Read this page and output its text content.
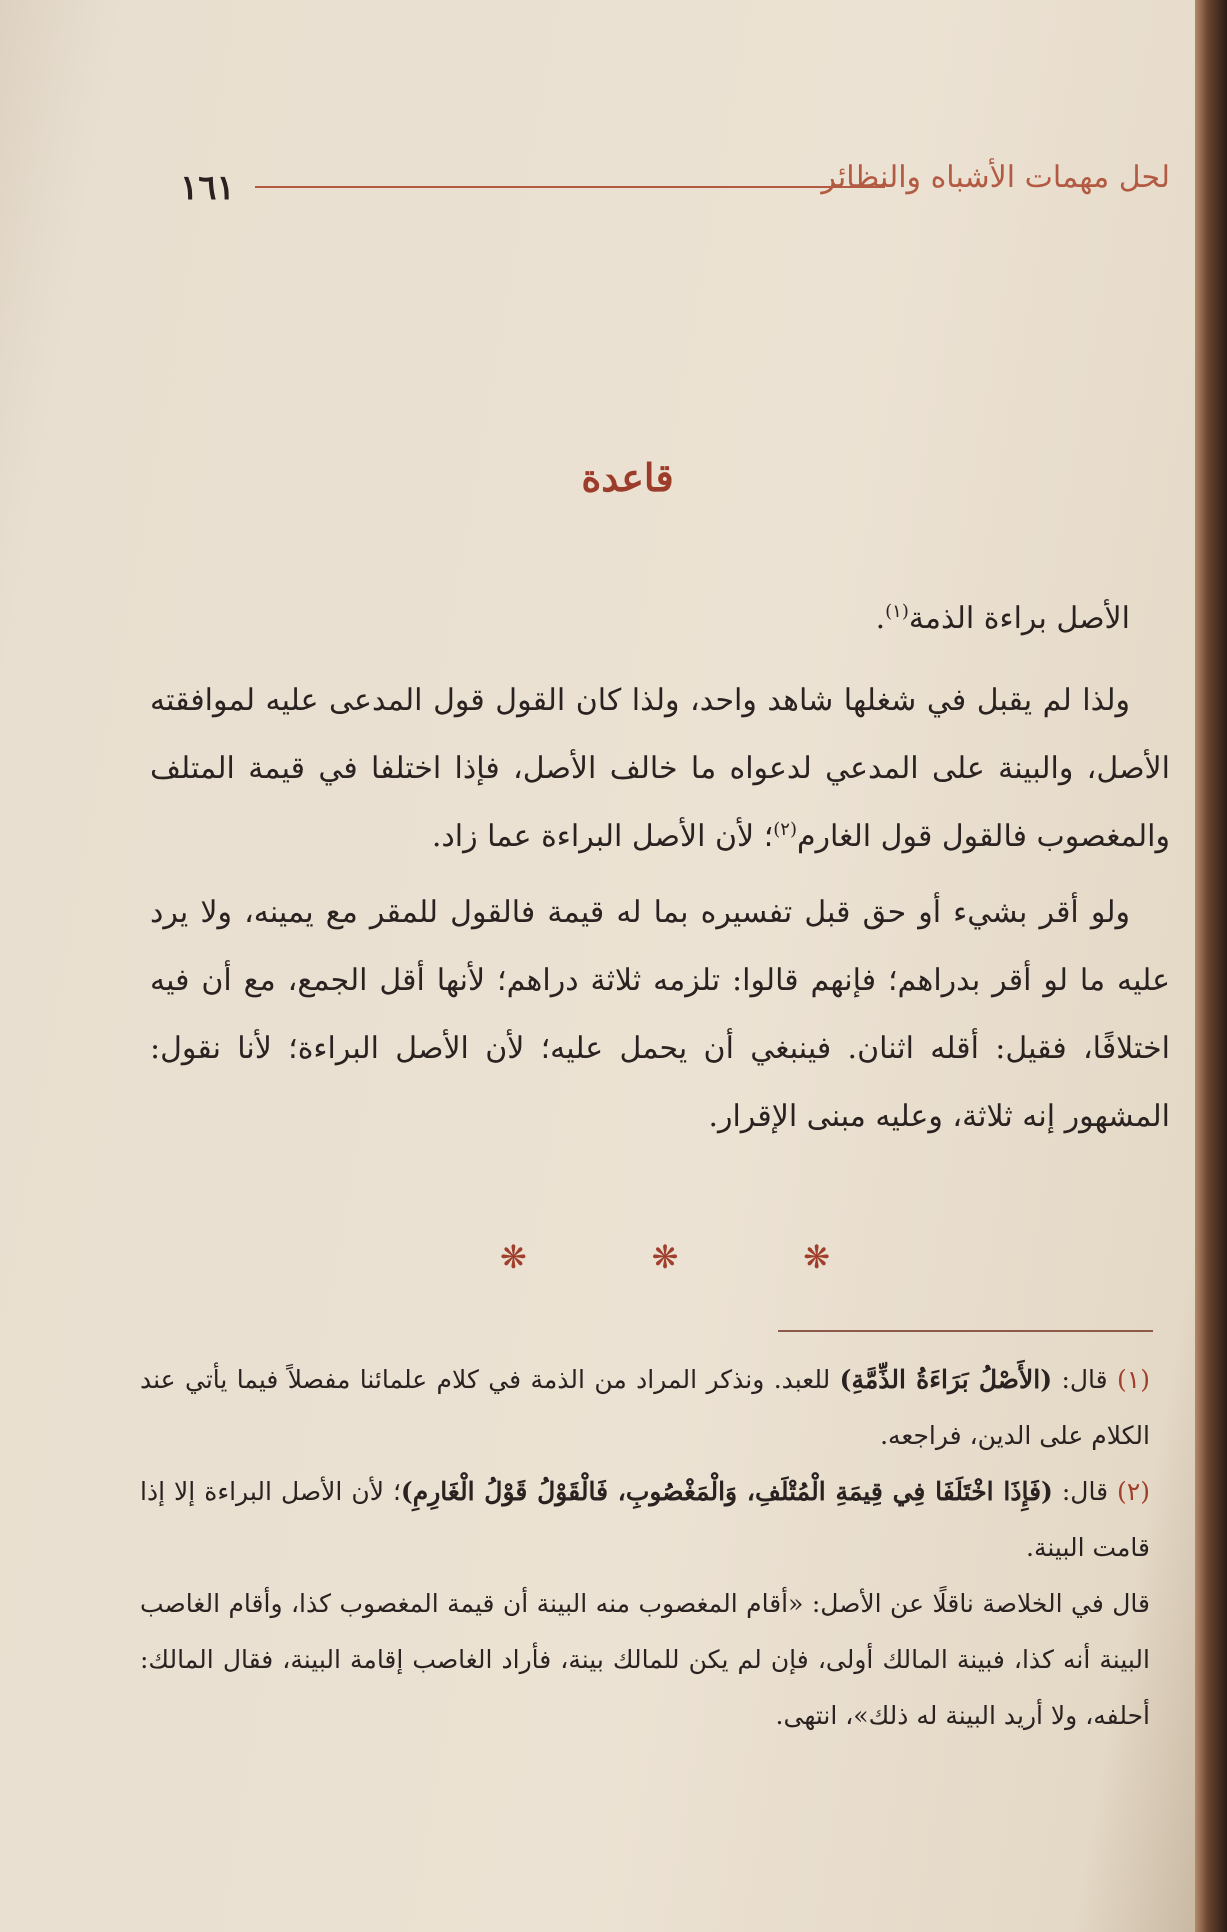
١٦١	لحل مهمات الأشباه والنظائر
قاعدة

الأصل براءة الذمة$^{(١)}$.

ولذا لم يقبل في شغلها شاهد واحد، ولذا كان القول قول المدعى عليه لموافقته الأصل، والبينة على المدعي لدعواه ما خالف الأصل، فإذا اختلفا في قيمة المتلف والمغصوب فالقول قول الغارم$^{(٢)}$؛ لأن الأصل البراءة عما زاد.

ولو أقر بشيء أو حق قبل تفسيره بما له قيمة فالقول للمقر مع يمينه، ولا يرد عليه ما لو أقر بدراهم؛ فإنهم قالوا: تلزمه ثلاثة دراهم؛ لأنها أقل الجمع، مع أن فيه اختلافًا، فقيل: أقله اثنان. فينبغي أن يحمل عليه؛ لأن الأصل البراءة؛ لأنا نقول: المشهور إنه ثلاثة، وعليه مبنى الإقرار.

❋
❋
❋

(١) قال: (الأَصْلُ بَرَاءَةُ الذِّمَّةِ) للعبد. ونذكر المراد من الذمة في كلام علمائنا مفصلاً فيما يأتي عند الكلام على الدين، فراجعه.

(٢) قال: (فَإِذَا اخْتَلَفَا فِي قِيمَةِ الْمُتْلَفِ، وَالْمَغْصُوبِ، فَالْقَوْلُ قَوْلُ الْغَارِمِ)؛ لأن الأصل البراءة إلا إذا قامت البينة.

قال في الخلاصة ناقلًا عن الأصل: «أقام المغصوب منه البينة أن قيمة المغصوب كذا، وأقام الغاصب البينة أنه كذا، فبينة المالك أولى، فإن لم يكن للمالك بينة، فأراد الغاصب إقامة البينة، فقال المالك: أحلفه، ولا أريد البينة له ذلك»، انتهى.
